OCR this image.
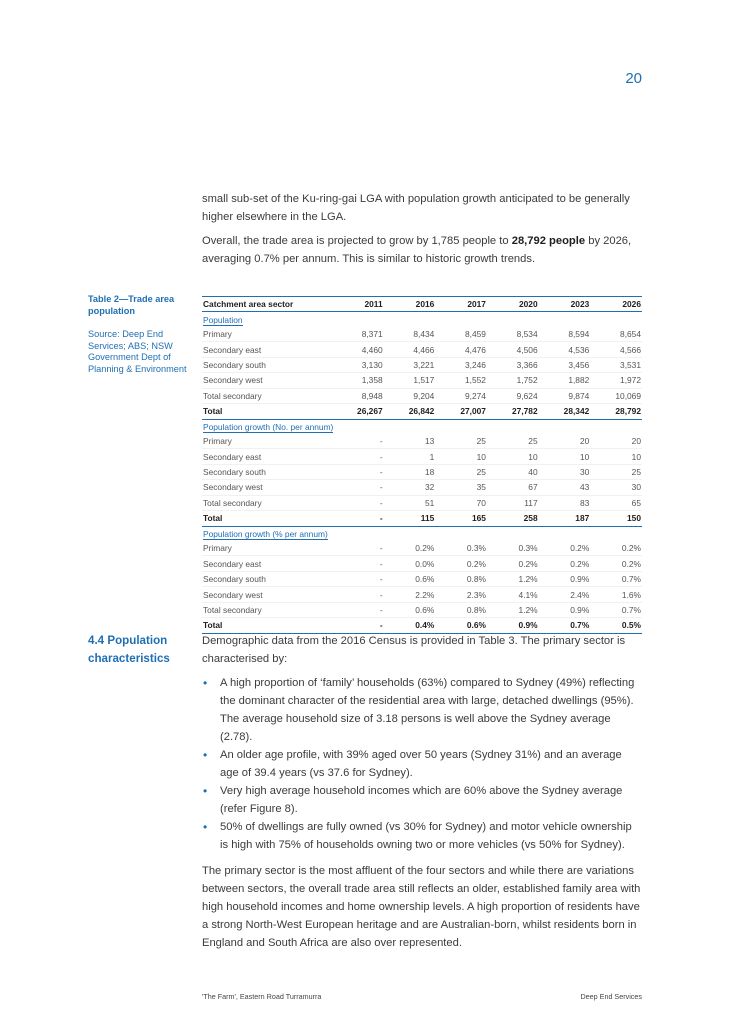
20

small sub-set of the Ku-ring-gai LGA with population growth anticipated to be generally higher elsewhere in the LGA.

Overall, the trade area is projected to grow by 1,785 people to 28,792 people by 2026, averaging 0.7% per annum. This is similar to historic growth trends.

Table 2—Trade area population
Source: Deep End Services; ABS; NSW Government Dept of Planning & Environment
Catchment area sector	2011	2016	2017	2020	2023	2026
Population						
Primary	8,371	8,434	8,459	8,534	8,594	8,654
Secondary east	4,460	4,466	4,476	4,506	4,536	4,566
Secondary south	3,130	3,221	3,246	3,366	3,456	3,531
Secondary west	1,358	1,517	1,552	1,752	1,882	1,972
Total secondary	8,948	9,204	9,274	9,624	9,874	10,069
Total	26,267	26,842	27,007	27,782	28,342	28,792
Population growth (No. per annum)						
Primary	-	13	25	25	20	20
Secondary east	-	1	10	10	10	10
Secondary south	-	18	25	40	30	25
Secondary west	-	32	35	67	43	30
Total secondary	-	51	70	117	83	65
Total	-	115	165	258	187	150
Population growth (% per annum)						
Primary	-	0.2%	0.3%	0.3%	0.2%	0.2%
Secondary east	-	0.0%	0.2%	0.2%	0.2%	0.2%
Secondary south	-	0.6%	0.8%	1.2%	0.9%	0.7%
Secondary west	-	2.2%	2.3%	4.1%	2.4%	1.6%
Total secondary	-	0.6%	0.8%	1.2%	0.9%	0.7%
Total	-	0.4%	0.6%	0.9%	0.7%	0.5%
4.4 Population characteristics

Demographic data from the 2016 Census is provided in Table 3. The primary sector is characterised by:

• A high proportion of ‘family’ households (63%) compared to Sydney (49%) reflecting the dominant character of the residential area with large, detached dwellings (95%). The average household size of 3.18 persons is well above the Sydney average (2.78).
• An older age profile, with 39% aged over 50 years (Sydney 31%) and an average age of 39.4 years (vs 37.6 for Sydney).
• Very high average household incomes which are 60% above the Sydney average (refer Figure 8).
• 50% of dwellings are fully owned (vs 30% for Sydney) and motor vehicle ownership is high with 75% of households owning two or more vehicles (vs 50% for Sydney).

The primary sector is the most affluent of the four sectors and while there are variations between sectors, the overall trade area still reflects an older, established family area with high household incomes and home ownership levels. A high proportion of residents have a strong North-West European heritage and are Australian-born, whilst residents born in England and South Africa are also over represented.

'The Farm', Eastern Road Turramurra	Deep End Services
